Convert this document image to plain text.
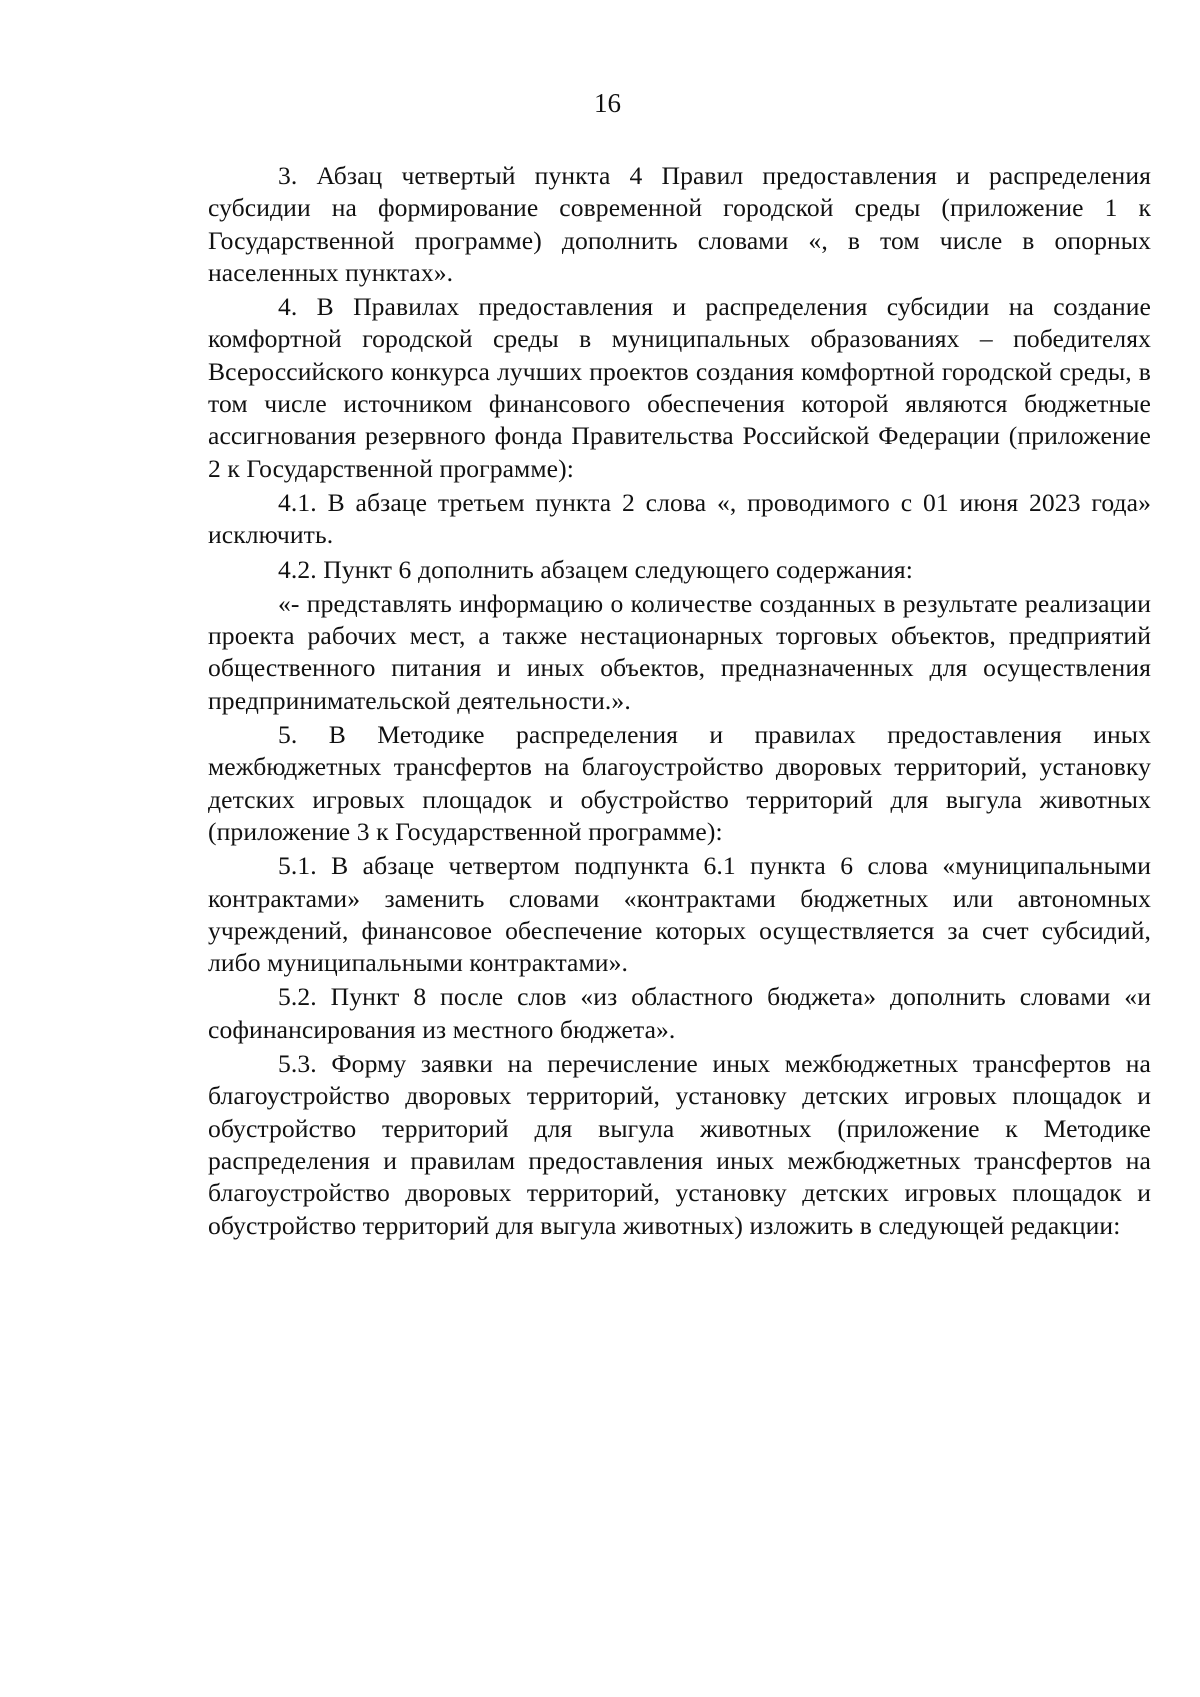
16

3. Абзац четвертый пункта 4 Правил предоставления и распределения субсидии на формирование современной городской среды (приложение 1 к Государственной программе) дополнить словами «, в том числе в опорных населенных пунктах».

4. В Правилах предоставления и распределения субсидии на создание комфортной городской среды в муниципальных образованиях – победителях Всероссийского конкурса лучших проектов создания комфортной городской среды, в том числе источником финансового обеспечения которой являются бюджетные ассигнования резервного фонда Правительства Российской Федерации (приложение 2 к Государственной программе):

4.1. В абзаце третьем пункта 2 слова «, проводимого с 01 июня 2023 года» исключить.

4.2. Пункт 6 дополнить абзацем следующего содержания:

«- представлять информацию о количестве созданных в результате реализации проекта рабочих мест, а также нестационарных торговых объектов, предприятий общественного питания и иных объектов, предназначенных для осуществления предпринимательской деятельности.».

5. В Методике распределения и правилах предоставления иных межбюджетных трансфертов на благоустройство дворовых территорий, установку детских игровых площадок и обустройство территорий для выгула животных (приложение 3 к Государственной программе):

5.1. В абзаце четвертом подпункта 6.1 пункта 6 слова «муниципальными контрактами» заменить словами «контрактами бюджетных или автономных учреждений, финансовое обеспечение которых осуществляется за счет субсидий, либо муниципальными контрактами».

5.2. Пункт 8 после слов «из областного бюджета» дополнить словами «и софинансирования из местного бюджета».

5.3. Форму заявки на перечисление иных межбюджетных трансфертов на благоустройство дворовых территорий, установку детских игровых площадок и обустройство территорий для выгула животных (приложение к Методике распределения и правилам предоставления иных межбюджетных трансфертов на благоустройство дворовых территорий, установку детских игровых площадок и обустройство территорий для выгула животных) изложить в следующей редакции:
